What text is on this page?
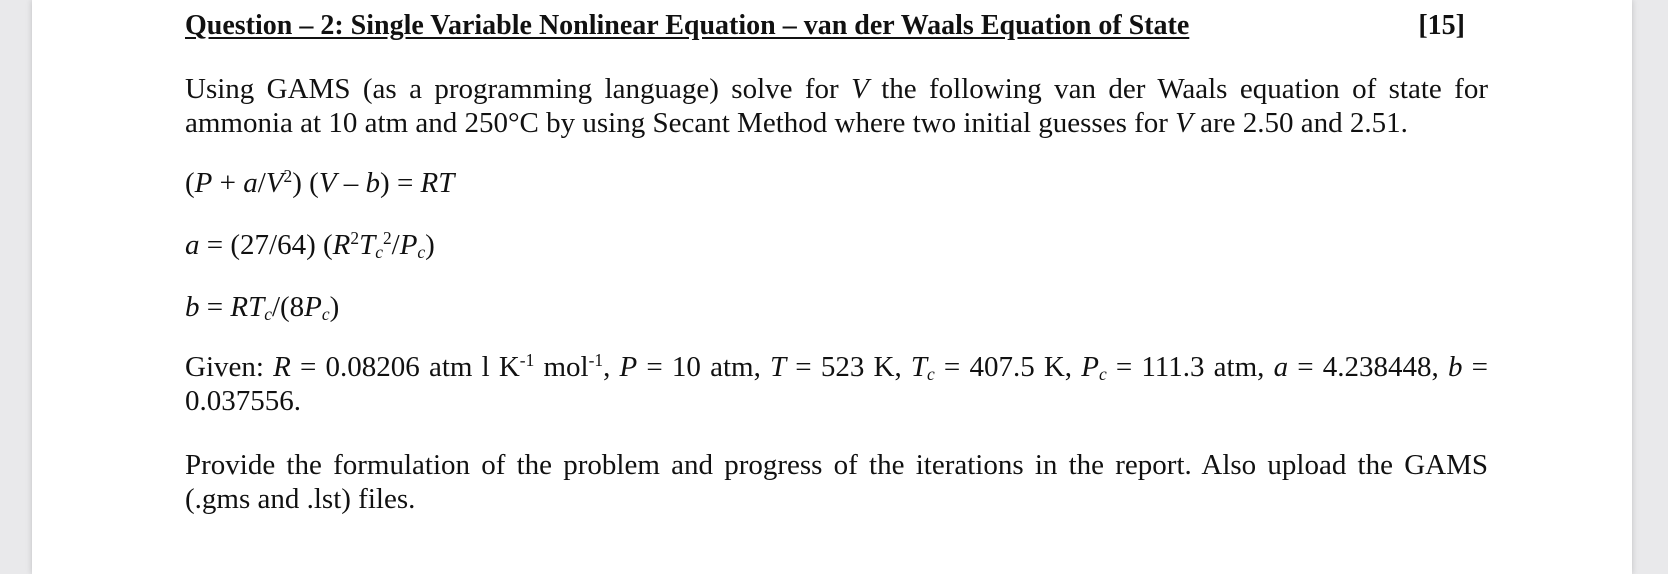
Question – 2: Single Variable Nonlinear Equation – van der Waals Equation of State	[15]

Using GAMS (as a programming language) solve for V the following van der Waals equation of state for ammonia at 10 atm and 250°C by using Secant Method where two initial guesses for V are 2.50 and 2.51.

$(P + a/V^2)$ (V – b) = RT

a = (27/64) $(R^2T_c^2/P_c)$

$b = RT_c/(8P_c)$

Given: R = 0.08206 atm l $K^{-1}$ mol$^{-1}$, P = 10 atm, T = 523 K, $T_c = 407.5$ K, $P_c = 111.3$ atm, a = 4.238448, b = 0.037556.

Provide the formulation of the problem and progress of the iterations in the report. Also upload the GAMS (.gms and .lst) files.
